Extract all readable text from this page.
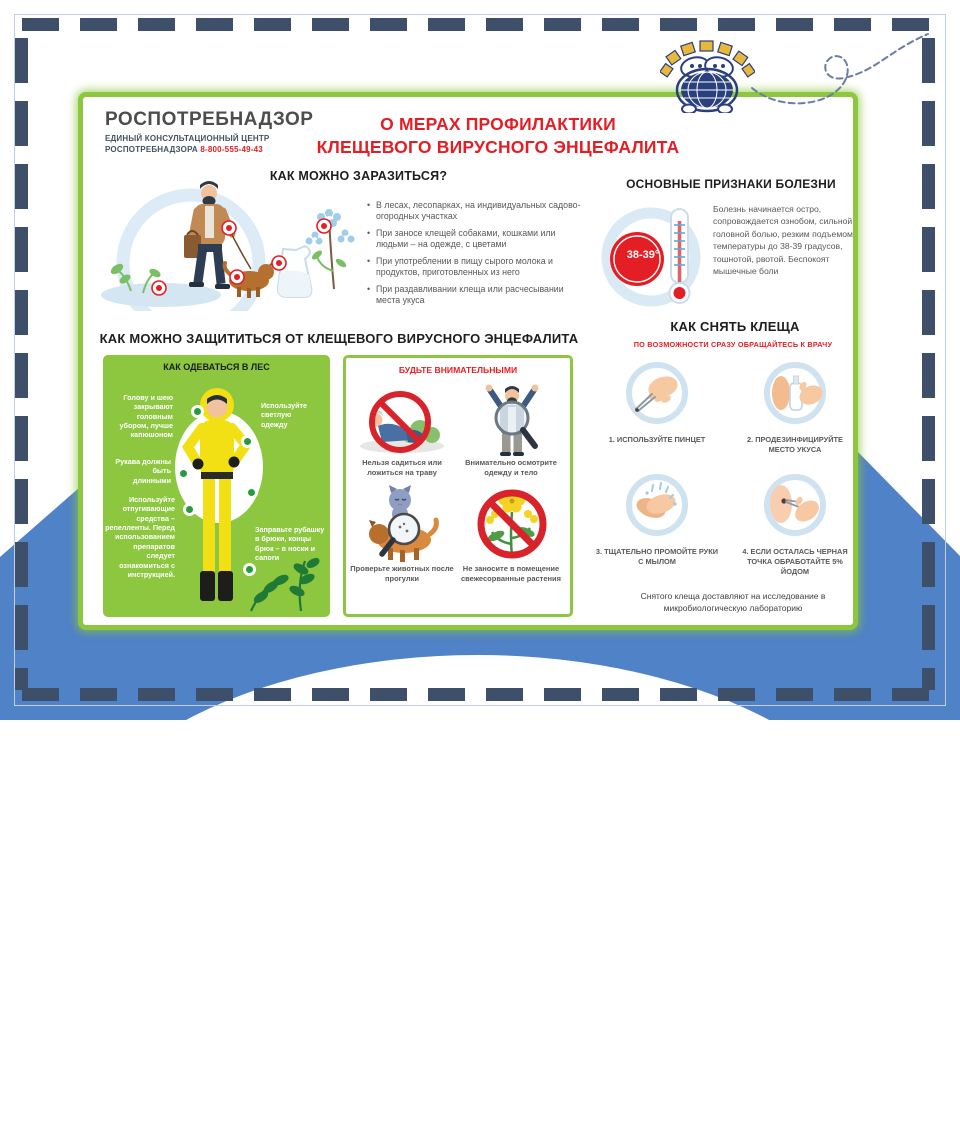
РОСПОТРЕБНАДЗОР
ЕДИНЫЙ КОНСУЛЬТАЦИОННЫЙ ЦЕНТР РОСПОТРЕБНАДЗОРА 8-800-555-49-43
О МЕРАХ ПРОФИЛАКТИКИ
КЛЕЩЕВОГО ВИРУСНОГО ЭНЦЕФАЛИТА
КАК МОЖНО ЗАРАЗИТЬСЯ?
• В лесах, лесопарках, на индивидуальных садово-огородных участках
• При заносе клещей собаками, кошками или людьми – на одежде, с цветами
• При употреблении в пищу сырого молока и продуктов, приготовленных из него
• При раздавливании клеща или расчесывании места укуса
ОСНОВНЫЕ ПРИЗНАКИ БОЛЕЗНИ
38-39°
Болезнь начинается остро, сопровождается ознобом, сильной головной болью, резким подъемом температуры до 38-39 градусов, тошнотой, рвотой. Беспокоят мышечные боли
КАК МОЖНО ЗАЩИТИТЬСЯ ОТ КЛЕЩЕВОГО ВИРУСНОГО ЭНЦЕФАЛИТА
КАК ОДЕВАТЬСЯ В ЛЕС
Голову и шею закрывают головным убором, лучше капюшоном
Используйте светлую одежду
Рукава должны быть длинными
Заправьте рубашку в брюки, концы брюк – в носки и сапоги
Используйте отпугивающие средства – репелленты. Перед использованием препаратов следует ознакомиться с инструкцией.
БУДЬТЕ ВНИМАТЕЛЬНЫМИ
Нельзя садиться или ложиться на траву
Внимательно осмотрите одежду и тело
Проверьте животных после прогулки
Не заносите в помещение свежесорванные растения
КАК СНЯТЬ КЛЕЩА
ПО ВОЗМОЖНОСТИ СРАЗУ ОБРАЩАЙТЕСЬ К ВРАЧУ
1. ИСПОЛЬЗУЙТЕ ПИНЦЕТ	2. ПРОДЕЗИНФИЦИРУЙТЕ МЕСТО УКУСА
3. ТЩАТЕЛЬНО ПРОМОЙТЕ РУКИ С МЫЛОМ
4. ЕСЛИ ОСТАЛАСЬ ЧЕРНАЯ ТОЧКА ОБРАБОТАЙТЕ 5% ЙОДОМ
Снятого клеща доставляют на исследование в микробиологическую лабораторию
